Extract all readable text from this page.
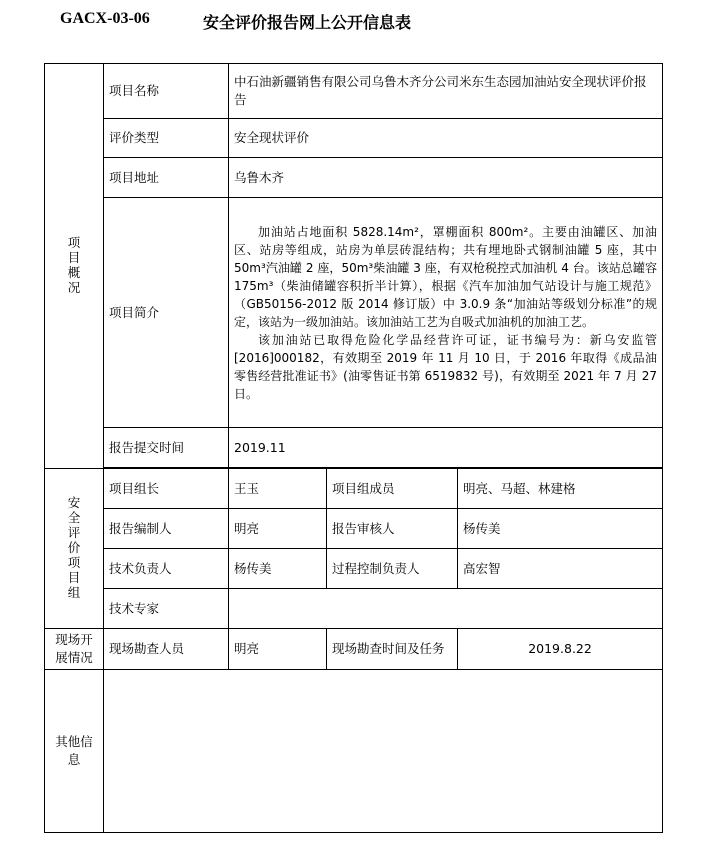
GACX-03-06	安全评价报告网上公开信息表
项目概况	项目名称	中石油新疆销售有限公司乌鲁木齐分公司米东生态园加油站安全现状评价报告		
	评价类型	安全现状评价		
	项目地址	乌鲁木齐		
	项目简介	加油站占地面积 5828.14m²，罩棚面积 800m²。主要由油罐区、加油区、站房等组成，站房为单层砖混结构；共有埋地卧式钢制油罐 5 座，其中 50m³汽油罐 2 座，50m³柴油罐 3 座，有双枪税控式加油机 4 台。该站总罐容 175m³（柴油储罐容积折半计算），根据《汽车加油加气站设计与施工规范》（GB50156-2012 版 2014 修订版）中 3.0.9 条“加油站等级划分标准”的规定，该站为一级加油站。该加油站工艺为自吸式加油机的加油工艺。

该加油站已取得危险化学品经营许可证，证书编号为：新乌安监管[2016]000182，有效期至 2019 年 11 月 10 日，于 2016 年取得《成品油零售经营批准证书》(油零售证书第 6519832 号)，有效期至 2021 年 7 月 27 日。		

	报告提交时间	2019.11		

安全评价项目组	项目组长	王玉	项目组成员	明亮、马超、林建格
	报告编制人	明亮	报告审核人	杨传美
	技术负责人	杨传美	过程控制负责人	高宏智
	技术专家			
现场开展情况	现场勘查人员	明亮	现场勘查时间及任务	2019.8.22
其他信息				
